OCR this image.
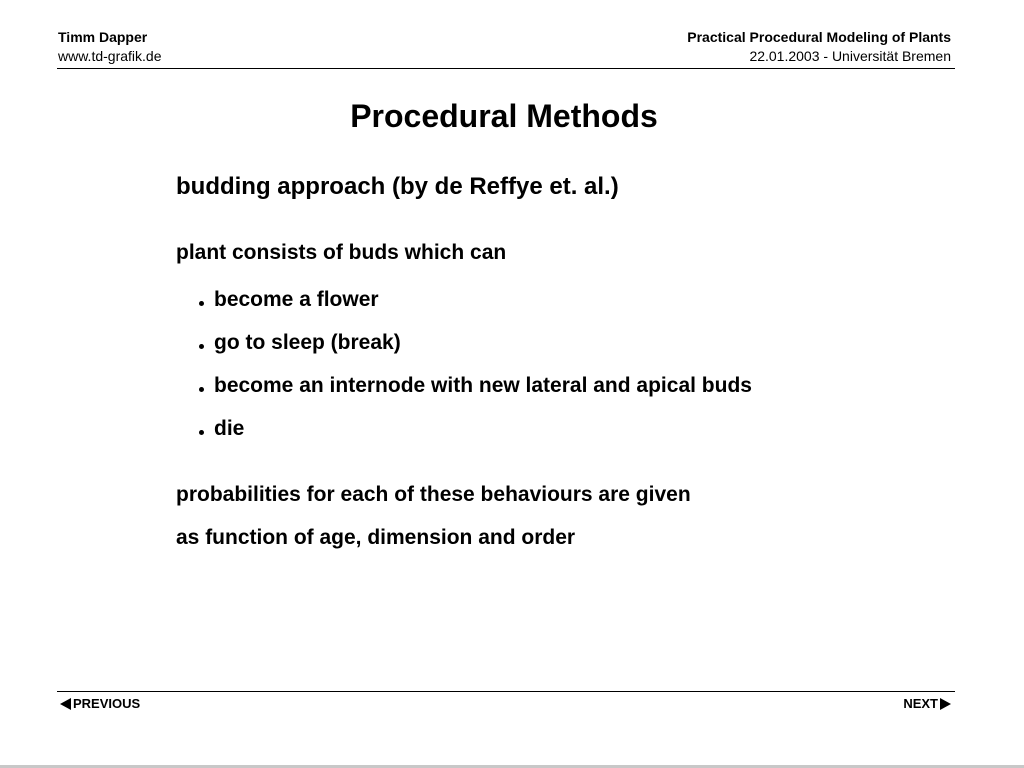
Timm Dapper
www.td-grafik.de
Practical Procedural Modeling of Plants
22.01.2003 - Universität Bremen
Procedural Methods
budding approach (by de Reffye et. al.)
plant consists of buds which can
become a flower
go to sleep (break)
become an internode with new lateral and apical buds
die
probabilities for each of these behaviours are given
as function of age, dimension and order
PREVIOUS	NEXT
